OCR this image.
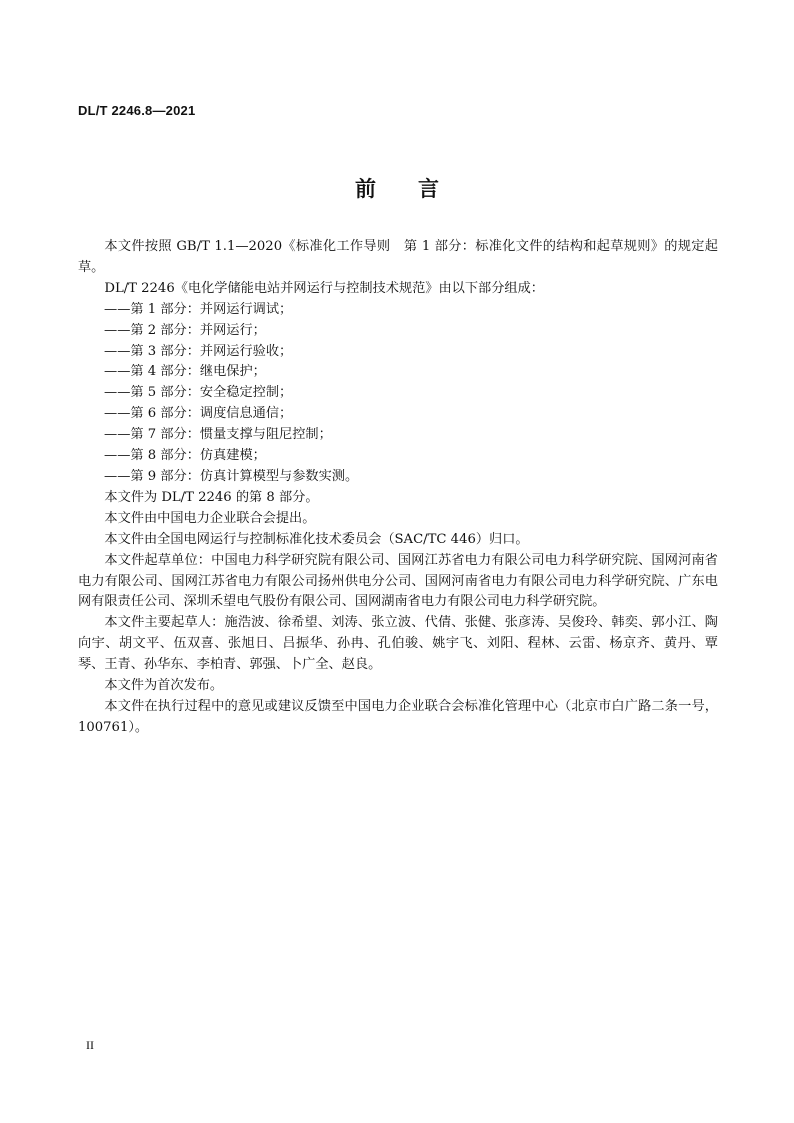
DL/T 2246.8—2021
前　　言

本文件按照 GB/T 1.1—2020《标准化工作导则　第 1 部分：标准化文件的结构和起草规则》的规定起草。

DL/T 2246《电化学储能电站并网运行与控制技术规范》由以下部分组成：

——第 1 部分：并网运行调试；

——第 2 部分：并网运行；

——第 3 部分：并网运行验收；

——第 4 部分：继电保护；

——第 5 部分：安全稳定控制；

——第 6 部分：调度信息通信；

——第 7 部分：惯量支撑与阻尼控制；

——第 8 部分：仿真建模；

——第 9 部分：仿真计算模型与参数实测。

本文件为 DL/T 2246 的第 8 部分。

本文件由中国电力企业联合会提出。

本文件由全国电网运行与控制标准化技术委员会（SAC/TC 446）归口。

本文件起草单位：中国电力科学研究院有限公司、国网江苏省电力有限公司电力科学研究院、国网河南省电力有限公司、国网江苏省电力有限公司扬州供电分公司、国网河南省电力有限公司电力科学研究院、广东电网有限责任公司、深圳禾望电气股份有限公司、国网湖南省电力有限公司电力科学研究院。

本文件主要起草人：施浩波、徐希望、刘涛、张立波、代倩、张健、张彦涛、吴俊玲、韩奕、郭小江、陶向宇、胡文平、伍双喜、张旭日、吕振华、孙冉、孔伯骏、姚宇飞、刘阳、程林、云雷、杨京齐、黄丹、覃琴、王青、孙华东、李柏青、郭强、卜广全、赵良。

本文件为首次发布。

本文件在执行过程中的意见或建议反馈至中国电力企业联合会标准化管理中心（北京市白广路二条一号，100761）。

II
